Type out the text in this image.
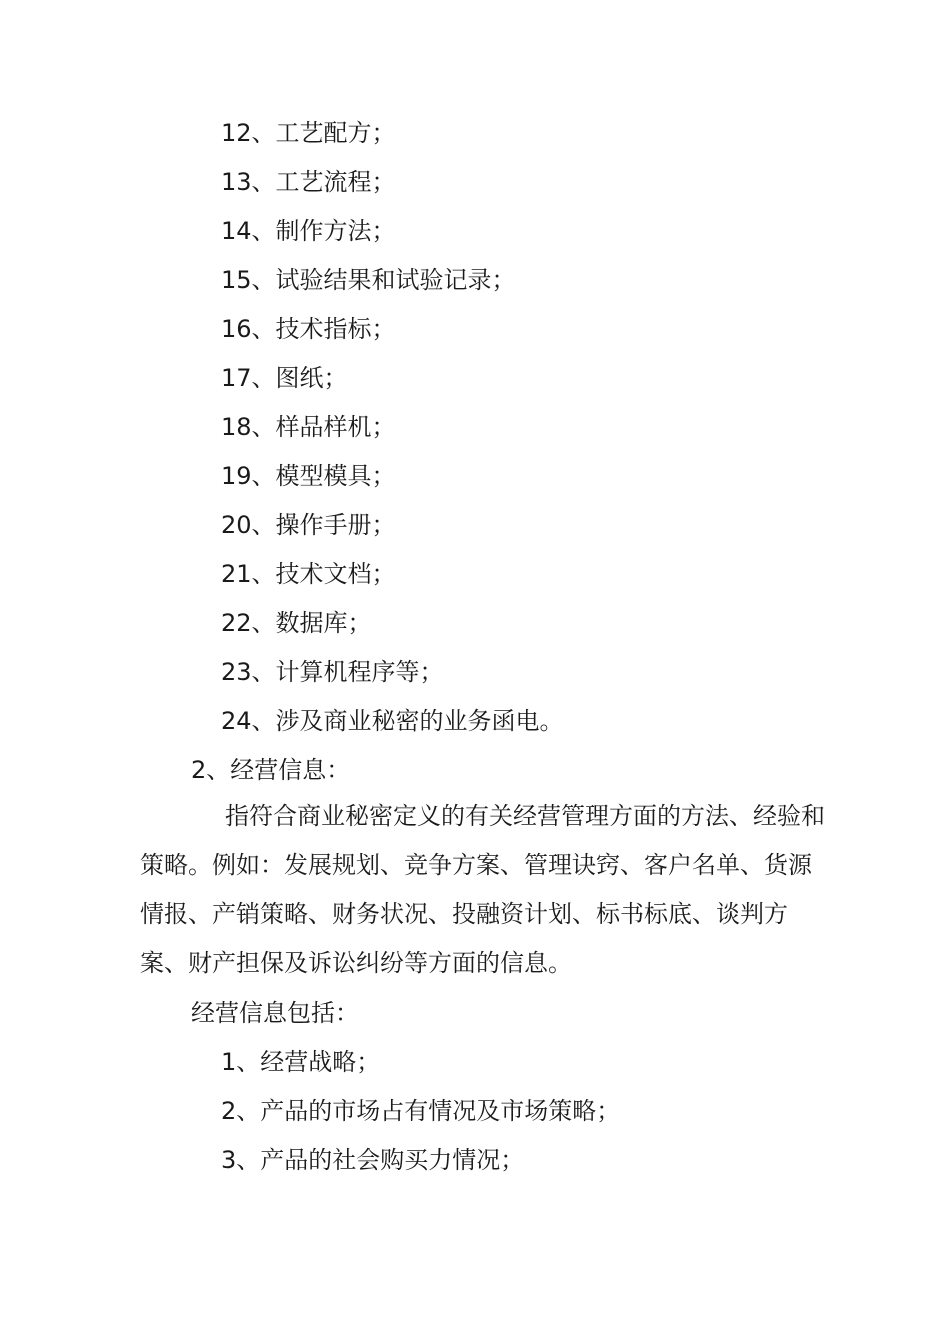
12、工艺配方；
13、工艺流程；
14、制作方法；
15、试验结果和试验记录；
16、技术指标；
17、图纸；
18、样品样机；
19、模型模具；
20、操作手册；
21、技术文档；
22、数据库；
23、计算机程序等；
24、涉及商业秘密的业务函电。
2、经营信息：
指符合商业秘密定义的有关经营管理方面的方法、经验和策略。例如：发展规划、竞争方案、管理诀窍、客户名单、货源情报、产销策略、财务状况、投融资计划、标书标底、谈判方案、财产担保及诉讼纠纷等方面的信息。
经营信息包括：
1、经营战略；
2、产品的市场占有情况及市场策略；
3、产品的社会购买力情况；
